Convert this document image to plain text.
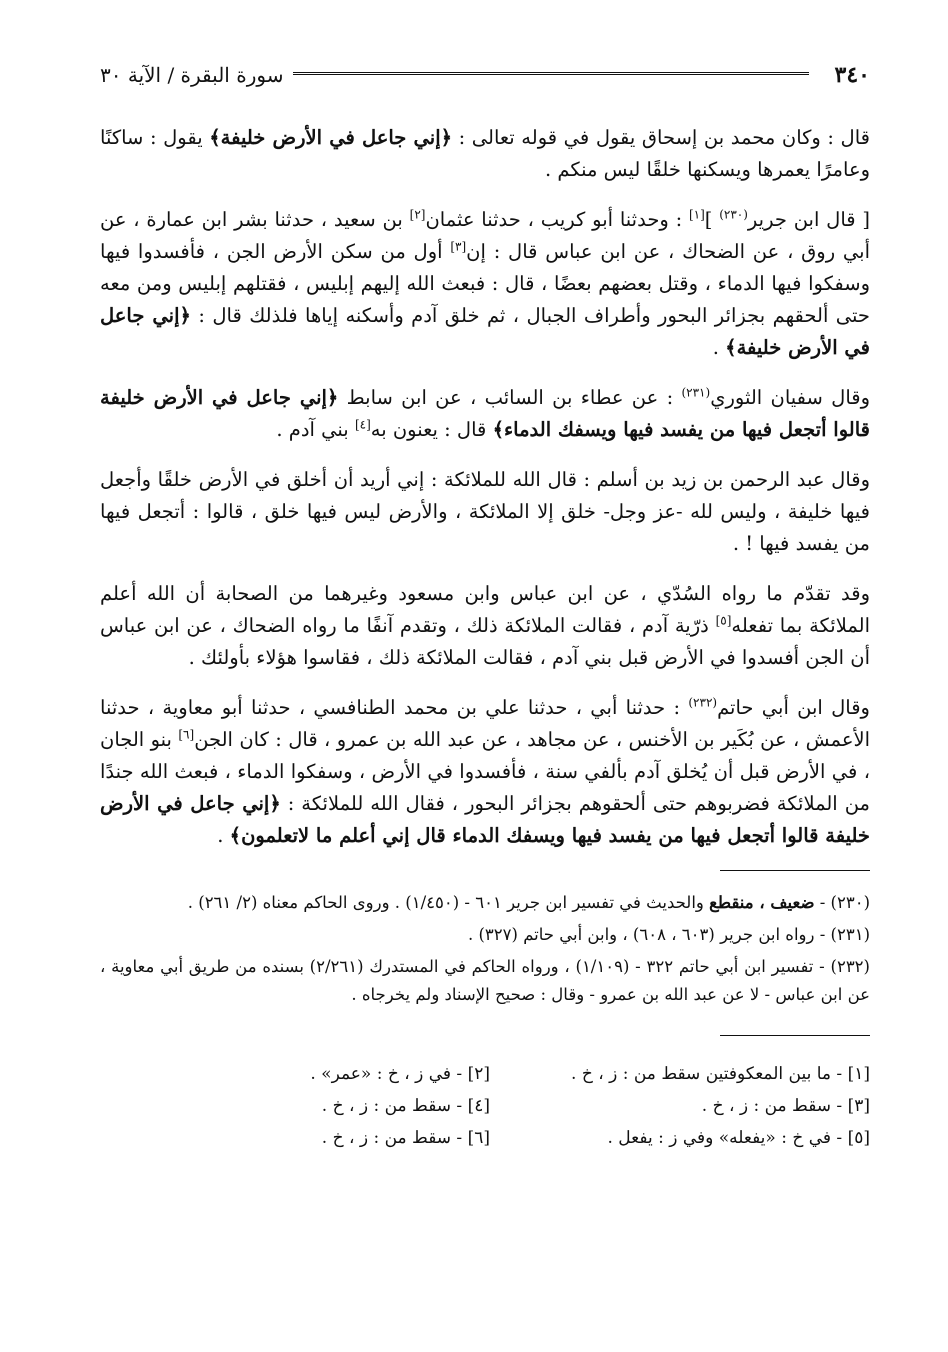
٣٤٠
سورة البقرة / الآية ٣٠

قال : وكان محمد بن إسحاق يقول في قوله تعالى : ﴿إني جاعل في الأرض خليفة﴾ يقول : ساكنًا وعامرًا يعمرها ويسكنها خلقًا ليس منكم .

[ قال ابن جرير$^{(٢٣٠)}$ ][١] : وحدثنا أبو كريب ، حدثنا عثمان[٢] بن سعيد ، حدثنا بشر ابن عمارة ، عن أبي روق ، عن الضحاك ، عن ابن عباس قال : إن[٣] أول من سكن الأرض الجن ، فأفسدوا فيها وسفكوا فيها الدماء ، وقتل بعضهم بعضًا ، قال : فبعث الله إليهم إبليس ، فقتلهم إبليس ومن معه حتى ألحقهم بجزائر البحور وأطراف الجبال ، ثم خلق آدم وأسكنه إياها فلذلك قال : ﴿إني جاعل في الأرض خليفة﴾ .

وقال سفيان الثوري$^{(٢٣١)}$ : عن عطاء بن السائب ، عن ابن سابط ﴿إني جاعل في الأرض خليفة قالوا أتجعل فيها من يفسد فيها ويسفك الدماء﴾ قال : يعنون به[٤] بني آدم .

وقال عبد الرحمن بن زيد بن أسلم : قال الله للملائكة : إني أريد أن أخلق في الأرض خلقًا وأجعل فيها خليفة ، وليس لله -عز وجل- خلق إلا الملائكة ، والأرض ليس فيها خلق ، قالوا : أتجعل فيها من يفسد فيها ! .

وقد تقدّم ما رواه السُدّي ، عن ابن عباس وابن مسعود وغيرهما من الصحابة أن الله أعلم الملائكة بما تفعله[٥] ذرّية آدم ، فقالت الملائكة ذلك ، وتقدم آنفًا ما رواه الضحاك ، عن ابن عباس أن الجن أفسدوا في الأرض قبل بني آدم ، فقالت الملائكة ذلك ، فقاسوا هؤلاء بأولئك .

وقال ابن أبي حاتم$^{(٢٣٢)}$ : حدثنا أبي ، حدثنا علي بن محمد الطنافسي ، حدثنا أبو معاوية ، حدثنا الأعمش ، عن بُكَير بن الأخنس ، عن مجاهد ، عن عبد الله بن عمرو ، قال : كان الجن[٦] بنو الجان ، في الأرض قبل أن يُخلق آدم بألفي سنة ، فأفسدوا في الأرض ، وسفكوا الدماء ، فبعث الله جندًا من الملائكة فضربوهم حتى ألحقوهم بجزائر البحور ، فقال الله للملائكة : ﴿إني جاعل في الأرض خليفة قالوا أتجعل فيها من يفسد فيها ويسفك الدماء قال إني أعلم ما لاتعلمون﴾ .

(٢٣٠) - ضعيف ، منقطع والحديث في تفسير ابن جرير ٦٠١ - (١/٤٥٠) . وروى الحاكم معناه (٢/ ٢٦١) .

(٢٣١) - رواه ابن جرير (٦٠٣ ، ٦٠٨) ، وابن أبي حاتم (٣٢٧) .

(٢٣٢) - تفسير ابن أبي حاتم ٣٢٢ - (١/١٠٩) ، ورواه الحاكم في المستدرك (٢/٢٦١) بسنده من طريق أبي معاوية ، عن ابن عباس - لا عن عبد الله بن عمرو - وقال : صحيح الإسناد ولم يخرجاه .

[١] - ما بين المعكوفتين سقط من : ز ، خ .
[٢] - في ز ، خ : «عمر» .
[٣] - سقط من : ز ، خ .
[٤] - سقط من : ز ، خ .
[٥] - في خ : «يفعله» وفي ز : يفعل .
[٦] - سقط من : ز ، خ .
